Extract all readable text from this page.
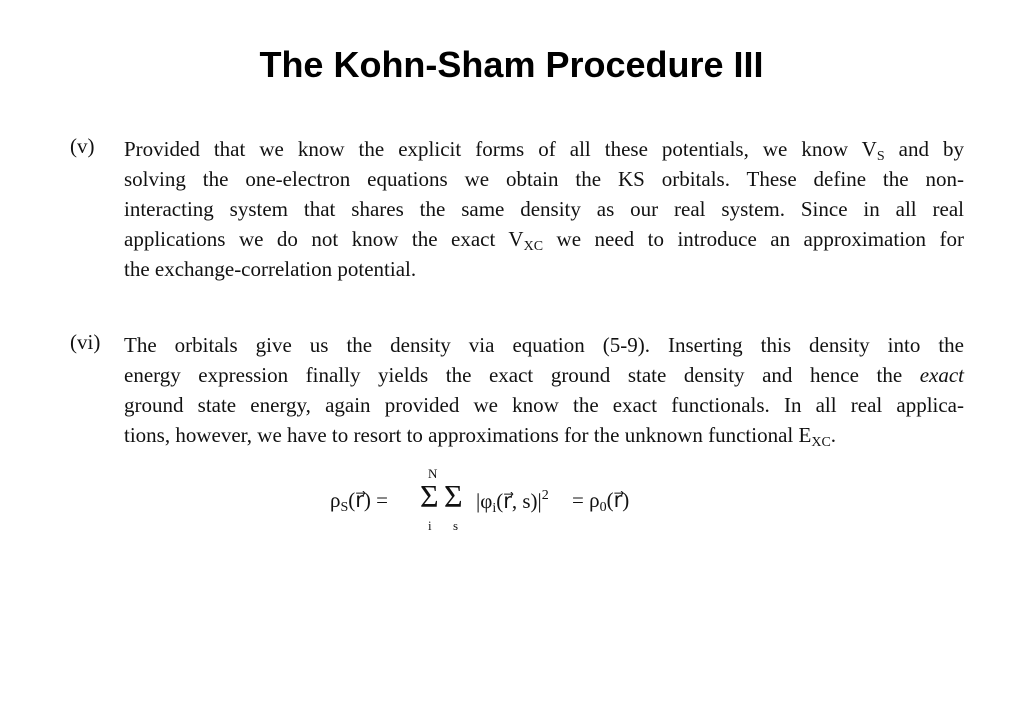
The Kohn-Sham Procedure III
(v) Provided that we know the explicit forms of all these potentials, we know $V_S$ and by
solving the one-electron equations we obtain the KS orbitals. These define the non-
interacting system that shares the same density as our real system. Since in all real
applications we do not know the exact $V_{XC}$ we need to introduce an approximation for
the exchange-correlation potential.
(vi) The orbitals give us the density via equation (5-9). Inserting this density into the
energy expression finally yields the exact ground state density and hence the exact
ground state energy, again provided we know the exact functionals. In all real applica-
tions, however, we have to resort to approximations for the unknown functional $E_{XC}$.
$\rho_S(r⃗)$ =
N
Σ
i
Σ
s
$|\varphi_i(r⃗$, $s)|^2$ = $\rho_0(r⃗)$
